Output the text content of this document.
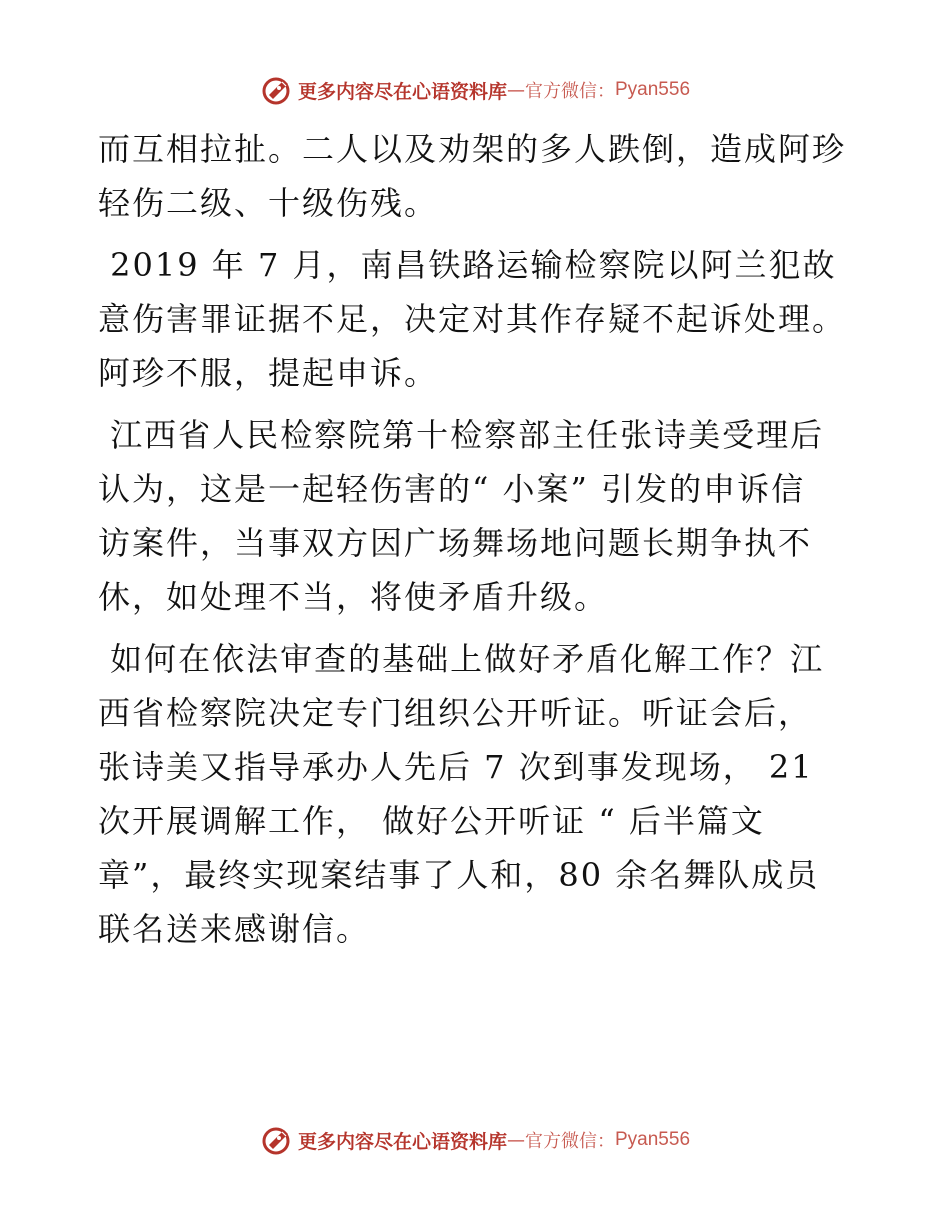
更多内容尽在心语资料库 — 官方微信： Pyan556

而互相拉扯。二人以及劝架的多人跌倒，造成阿珍
轻伤二级、十级伤残。

2019 年 7 月，南昌铁路运输检察院以阿兰犯故
意伤害罪证据不足，决定对其作存疑不起诉处理。
阿珍不服，提起申诉。

江西省人民检察院第十检察部主任张诗美受理后
认为，这是一起轻伤害的“ 小案” 引发的申诉信
访案件，当事双方因广场舞场地问题长期争执不
休，如处理不当，将使矛盾升级。

如何在依法审查的基础上做好矛盾化解工作？江
西省检察院决定专门组织公开听证。听证会后，
张诗美又指导承办人先后 7 次到事发现场， 21
次开展调解工作， 做好公开听证 “ 后半篇文
章”，最终实现案结事了人和，80 余名舞队成员
联名送来感谢信。

更多内容尽在心语资料库 — 官方微信： Pyan556
